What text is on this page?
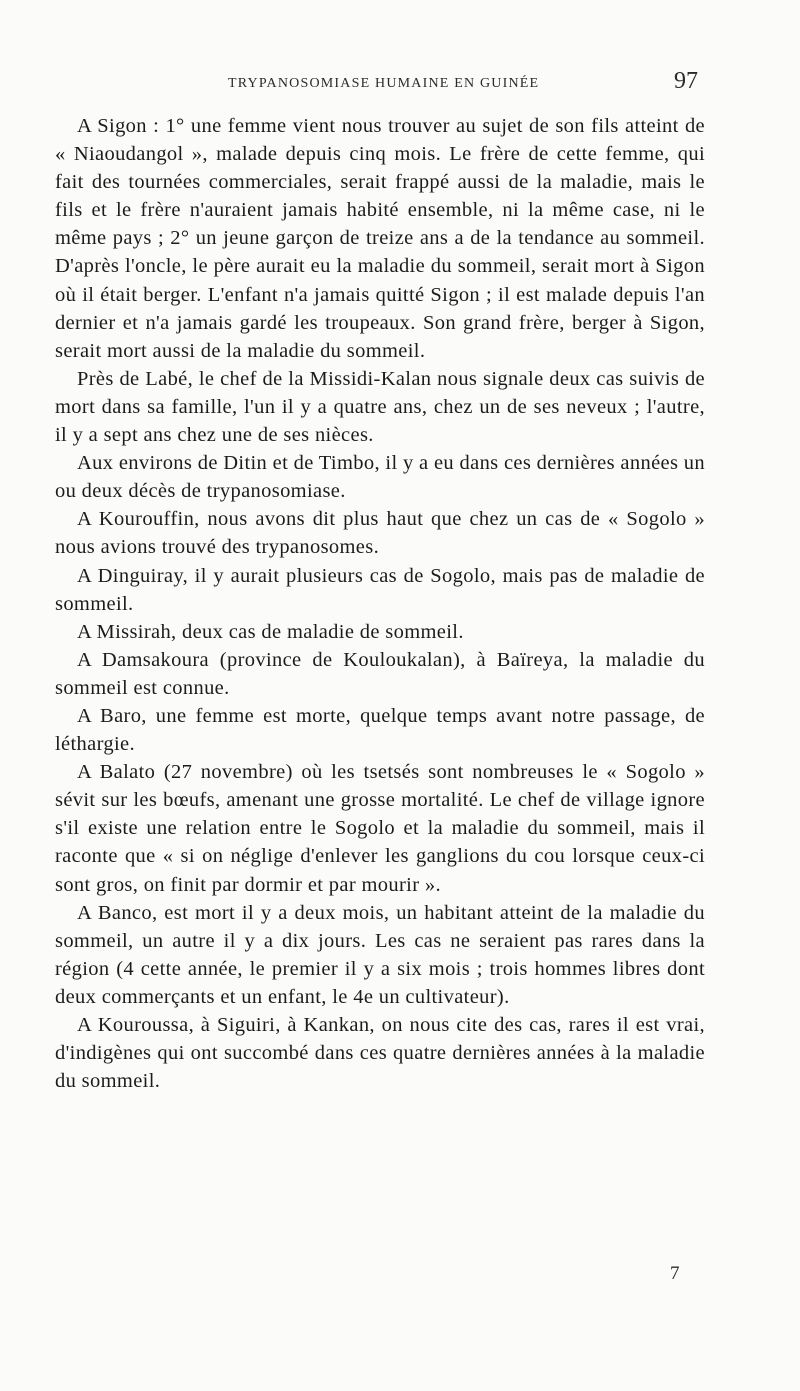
TRYPANOSOMIASE HUMAINE EN GUINÉE	97

A Sigon : 1° une femme vient nous trouver au sujet de son fils atteint de « Niaoudangol », malade depuis cinq mois. Le frère de cette femme, qui fait des tournées commerciales, serait frappé aussi de la maladie, mais le fils et le frère n'auraient jamais habité ensemble, ni la même case, ni le même pays ; 2° un jeune garçon de treize ans a de la tendance au sommeil. D'après l'oncle, le père aurait eu la maladie du sommeil, serait mort à Sigon où il était berger. L'enfant n'a jamais quitté Sigon ; il est malade depuis l'an dernier et n'a jamais gardé les troupeaux. Son grand frère, berger à Sigon, serait mort aussi de la maladie du sommeil.

Près de Labé, le chef de la Missidi-Kalan nous signale deux cas suivis de mort dans sa famille, l'un il y a quatre ans, chez un de ses neveux ; l'autre, il y a sept ans chez une de ses nièces.

Aux environs de Ditin et de Timbo, il y a eu dans ces dernières années un ou deux décès de trypanosomiase.

A Kourouffin, nous avons dit plus haut que chez un cas de « Sogolo » nous avions trouvé des trypanosomes.

A Dinguiray, il y aurait plusieurs cas de Sogolo, mais pas de maladie de sommeil.

A Missirah, deux cas de maladie de sommeil.

A Damsakoura (province de Kouloukalan), à Baïreya, la maladie du sommeil est connue.

A Baro, une femme est morte, quelque temps avant notre passage, de léthargie.

A Balato (27 novembre) où les tsetsés sont nombreuses le « Sogolo » sévit sur les bœufs, amenant une grosse mortalité. Le chef de village ignore s'il existe une relation entre le Sogolo et la maladie du sommeil, mais il raconte que « si on néglige d'enlever les ganglions du cou lorsque ceux-ci sont gros, on finit par dormir et par mourir ».

A Banco, est mort il y a deux mois, un habitant atteint de la maladie du sommeil, un autre il y a dix jours. Les cas ne seraient pas rares dans la région (4 cette année, le premier il y a six mois ; trois hommes libres dont deux commerçants et un enfant, le 4e un cultivateur).

A Kouroussa, à Siguiri, à Kankan, on nous cite des cas, rares il est vrai, d'indigènes qui ont succombé dans ces quatre dernières années à la maladie du sommeil.

7
